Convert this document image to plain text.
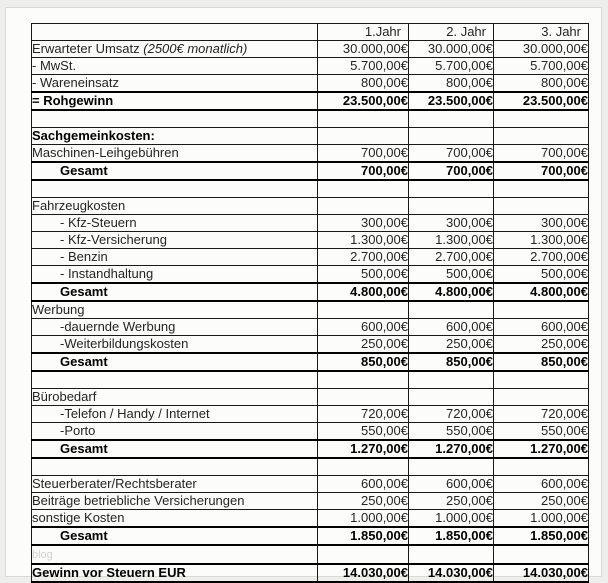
	1.Jahr	2. Jahr	3. Jahr
Erwarteter Umsatz (2500€ monatlich)	30.000,00€	30.000,00€	30.000,00€
- MwSt.	5.700,00€	5.700,00€	5.700,00€
- Wareneinsatz	800,00€	800,00€	800,00€
= Rohgewinn	23.500,00€	23.500,00€	23.500,00€

Sachgemeinkosten:			
Maschinen-Leihgebühren	700,00€	700,00€	700,00€
Gesamt	700,00€	700,00€	700,00€

Fahrzeugkosten			
- Kfz-Steuern	300,00€	300,00€	300,00€
- Kfz-Versicherung	1.300,00€	1.300,00€	1.300,00€
- Benzin	2.700,00€	2.700,00€	2.700,00€
- Instandhaltung	500,00€	500,00€	500,00€
Gesamt	4.800,00€	4.800,00€	4.800,00€
Werbung			
-dauernde Werbung	600,00€	600,00€	600,00€
-Weiterbildungskosten	250,00€	250,00€	250,00€
Gesamt	850,00€	850,00€	850,00€

Bürobedarf			
-Telefon / Handy / Internet	720,00€	720,00€	720,00€
-Porto	550,00€	550,00€	550,00€
Gesamt	1.270,00€	1.270,00€	1.270,00€

Steuerberater/Rechtsberater	600,00€	600,00€	600,00€
Beiträge betriebliche Versicherungen	250,00€	250,00€	250,00€
sonstige Kosten	1.000,00€	1.000,00€	1.000,00€
Gesamt	1.850,00€	1.850,00€	1.850,00€
blog			
Gewinn vor Steuern EUR	14.030,00€	14.030,00€	14.030,00€
